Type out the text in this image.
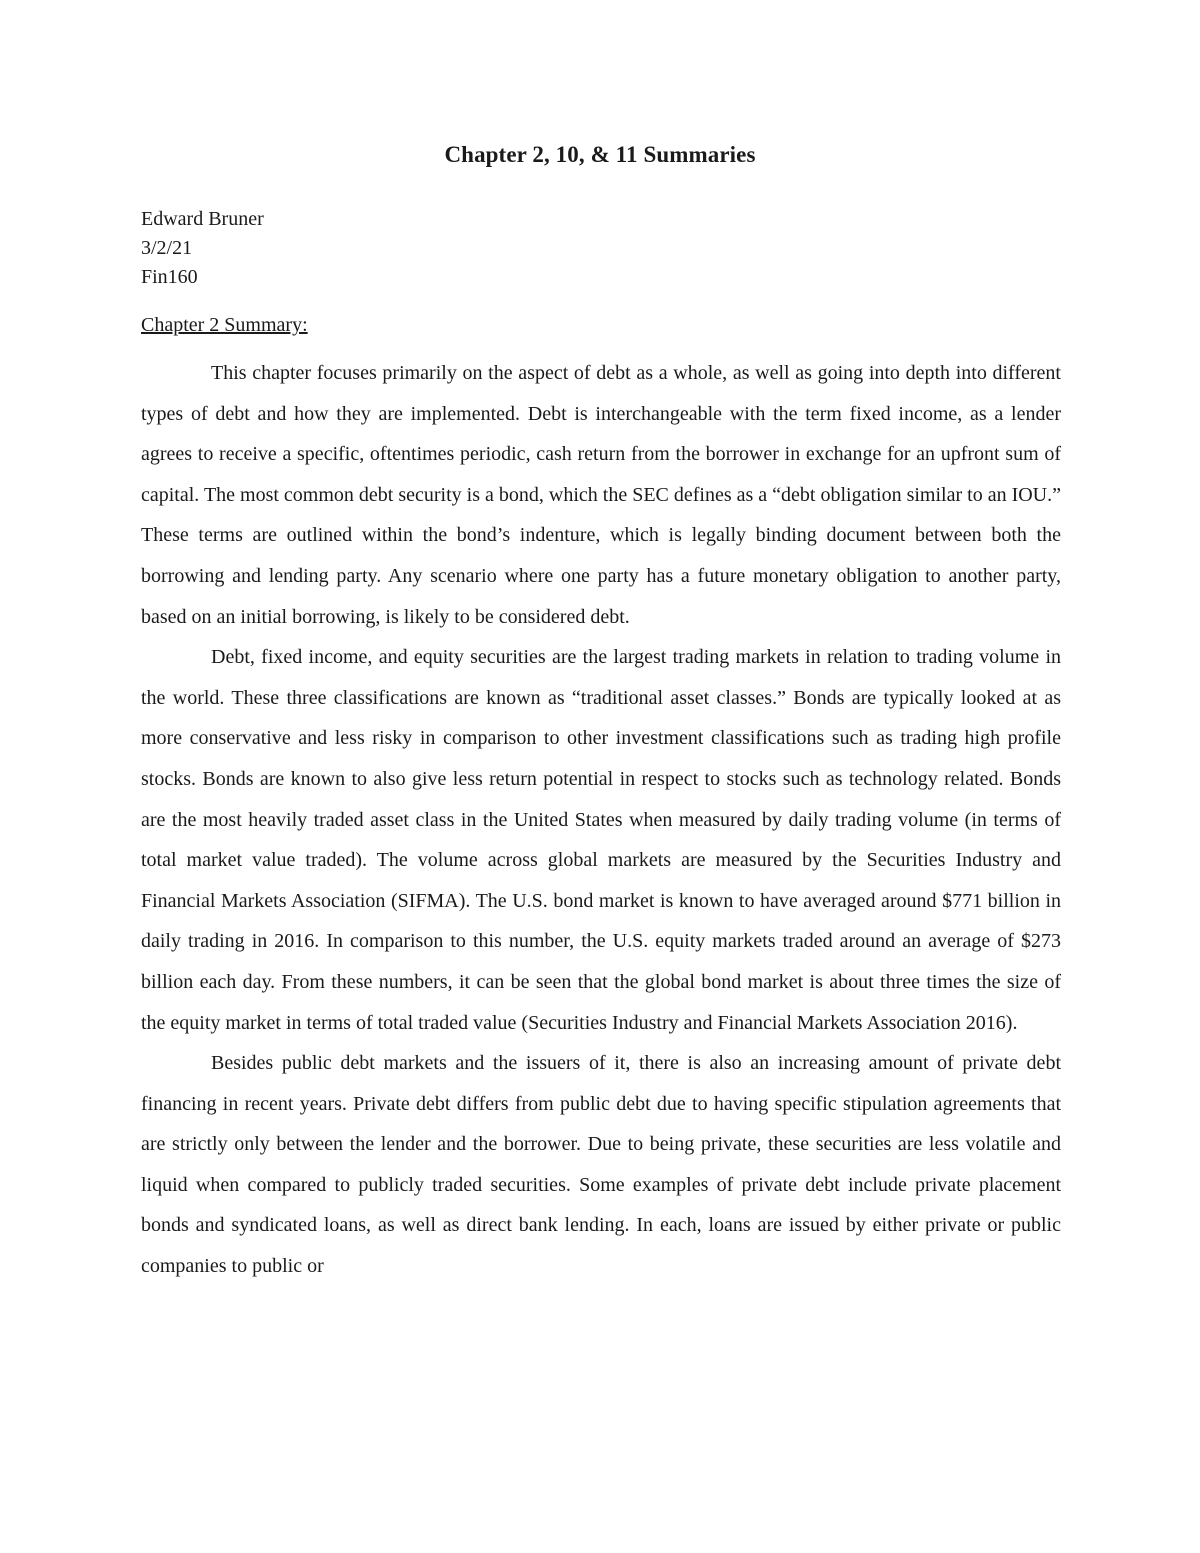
Chapter 2, 10, & 11 Summaries
Edward Bruner
3/2/21
Fin160
Chapter 2 Summary:

This chapter focuses primarily on the aspect of debt as a whole, as well as going into depth into different types of debt and how they are implemented. Debt is interchangeable with the term fixed income, as a lender agrees to receive a specific, oftentimes periodic, cash return from the borrower in exchange for an upfront sum of capital. The most common debt security is a bond, which the SEC defines as a “debt obligation similar to an IOU.” These terms are outlined within the bond’s indenture, which is legally binding document between both the borrowing and lending party. Any scenario where one party has a future monetary obligation to another party, based on an initial borrowing, is likely to be considered debt.

Debt, fixed income, and equity securities are the largest trading markets in relation to trading volume in the world. These three classifications are known as “traditional asset classes.” Bonds are typically looked at as more conservative and less risky in comparison to other investment classifications such as trading high profile stocks. Bonds are known to also give less return potential in respect to stocks such as technology related. Bonds are the most heavily traded asset class in the United States when measured by daily trading volume (in terms of total market value traded). The volume across global markets are measured by the Securities Industry and Financial Markets Association (SIFMA). The U.S. bond market is known to have averaged around $771 billion in daily trading in 2016. In comparison to this number, the U.S. equity markets traded around an average of $273 billion each day. From these numbers, it can be seen that the global bond market is about three times the size of the equity market in terms of total traded value (Securities Industry and Financial Markets Association 2016).

Besides public debt markets and the issuers of it, there is also an increasing amount of private debt financing in recent years. Private debt differs from public debt due to having specific stipulation agreements that are strictly only between the lender and the borrower. Due to being private, these securities are less volatile and liquid when compared to publicly traded securities. Some examples of private debt include private placement bonds and syndicated loans, as well as direct bank lending. In each, loans are issued by either private or public companies to public or
